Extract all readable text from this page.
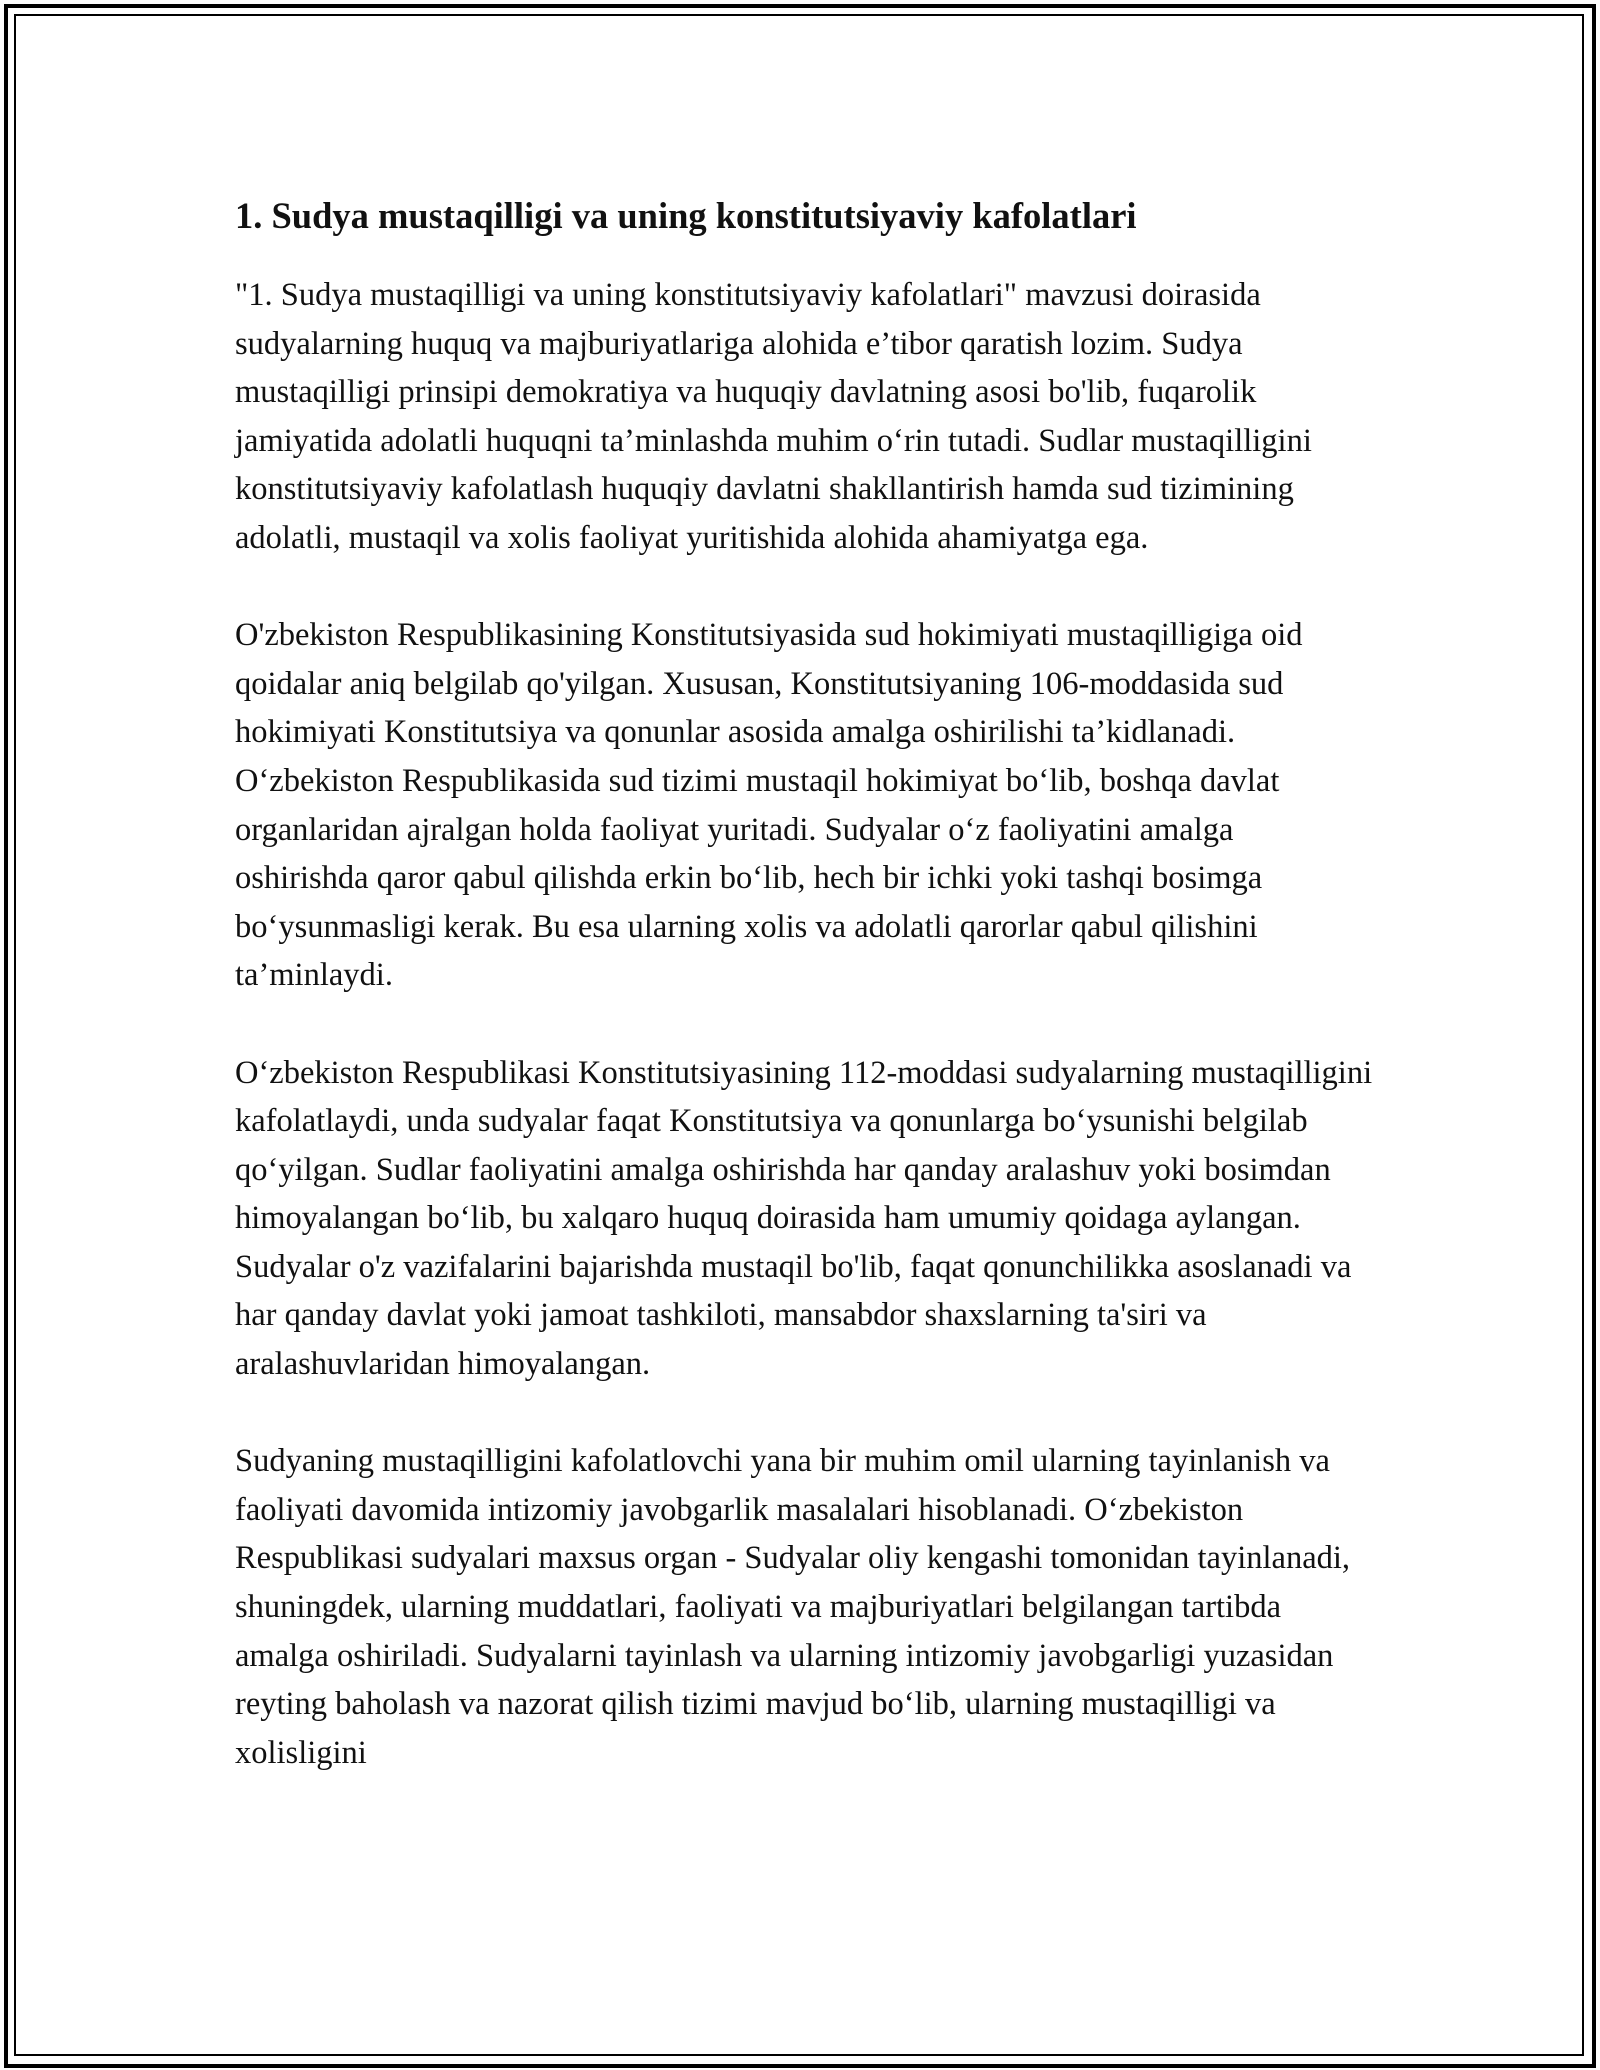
1. Sudya mustaqilligi va uning konstitutsiyaviy kafolatlari

"1. Sudya mustaqilligi va uning konstitutsiyaviy kafolatlari" mavzusi doirasida sudyalarning huquq va majburiyatlariga alohida e’tibor qaratish lozim. Sudya mustaqilligi prinsipi demokratiya va huquqiy davlatning asosi bo'lib, fuqarolik jamiyatida adolatli huquqni ta’minlashda muhim o‘rin tutadi. Sudlar mustaqilligini konstitutsiyaviy kafolatlash huquqiy davlatni shakllantirish hamda sud tizimining adolatli, mustaqil va xolis faoliyat yuritishida alohida ahamiyatga ega.

O'zbekiston Respublikasining Konstitutsiyasida sud hokimiyati mustaqilligiga oid qoidalar aniq belgilab qo'yilgan. Xususan, Konstitutsiyaning 106-moddasida sud hokimiyati Konstitutsiya va qonunlar asosida amalga oshirilishi ta’kidlanadi. O‘zbekiston Respublikasida sud tizimi mustaqil hokimiyat bo‘lib, boshqa davlat organlaridan ajralgan holda faoliyat yuritadi. Sudyalar o‘z faoliyatini amalga oshirishda qaror qabul qilishda erkin bo‘lib, hech bir ichki yoki tashqi bosimga bo‘ysunmasligi kerak. Bu esa ularning xolis va adolatli qarorlar qabul qilishini ta’minlaydi.

O‘zbekiston Respublikasi Konstitutsiyasining 112-moddasi sudyalarning mustaqilligini kafolatlaydi, unda sudyalar faqat Konstitutsiya va qonunlarga bo‘ysunishi belgilab qo‘yilgan. Sudlar faoliyatini amalga oshirishda har qanday aralashuv yoki bosimdan himoyalangan bo‘lib, bu xalqaro huquq doirasida ham umumiy qoidaga aylangan. Sudyalar o'z vazifalarini bajarishda mustaqil bo'lib, faqat qonunchilikka asoslanadi va har qanday davlat yoki jamoat tashkiloti, mansabdor shaxslarning ta'siri va aralashuvlaridan himoyalangan.

Sudyaning mustaqilligini kafolatlovchi yana bir muhim omil ularning tayinlanish va faoliyati davomida intizomiy javobgarlik masalalari hisoblanadi. O‘zbekiston Respublikasi sudyalari maxsus organ - Sudyalar oliy kengashi tomonidan tayinlanadi, shuningdek, ularning muddatlari, faoliyati va majburiyatlari belgilangan tartibda amalga oshiriladi. Sudyalarni tayinlash va ularning intizomiy javobgarligi yuzasidan reyting baholash va nazorat qilish tizimi mavjud bo‘lib, ularning mustaqilligi va xolisligini
